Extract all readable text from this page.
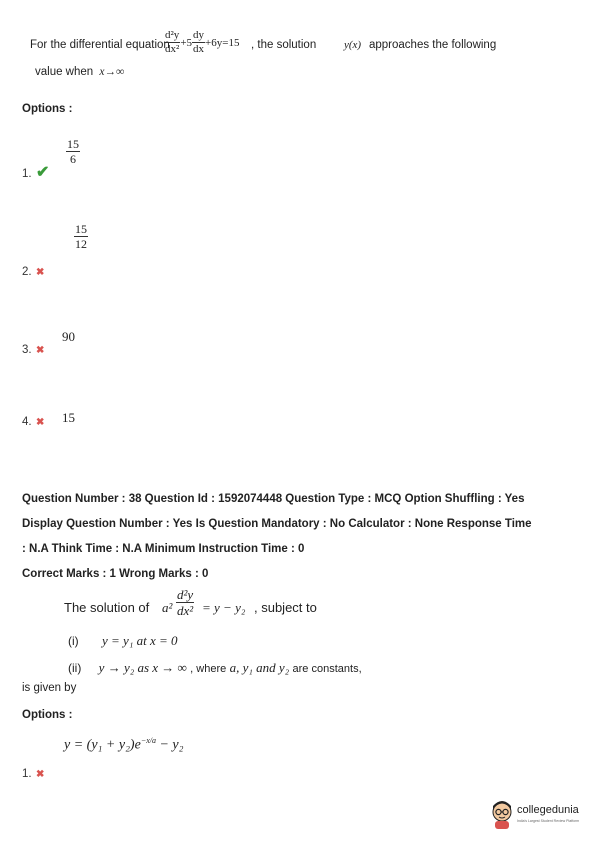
For the differential equation
$\frac{\text{d²y}}{\text{dx²}} +5 \frac{dy}{dx} +6y=15$ , the solution	y(x) approaches the following
value when x→∞
Options :
$\frac{15}{6}$
1. ✔
$\frac{15}{12}$
2. ✖
90
3. ✖
4. ✖ 15
Question Number : 38 Question Id : 1592074448 Question Type : MCQ Option Shuffling : Yes
Display Question Number : Yes Is Question Mandatory : No Calculator : None Response Time
: N.A Think Time : N.A Minimum Instruction Time : 0
Correct Marks : 1 Wrong Marks : 0
The solution of $a^2 \frac{\text{d²y}}{\text{dx²}} = y - y_2$ , subject to
(i) y = y₁ at x = 0
(ii) y → y₂ as x → ∞ , where a, y₁ and y₂ are constants,
is given by
Options :
$y = (y_1 + y_2)e^{-x/a} - y_2$
1. ✖
collegedunia
India's Largest Student Review Platform
